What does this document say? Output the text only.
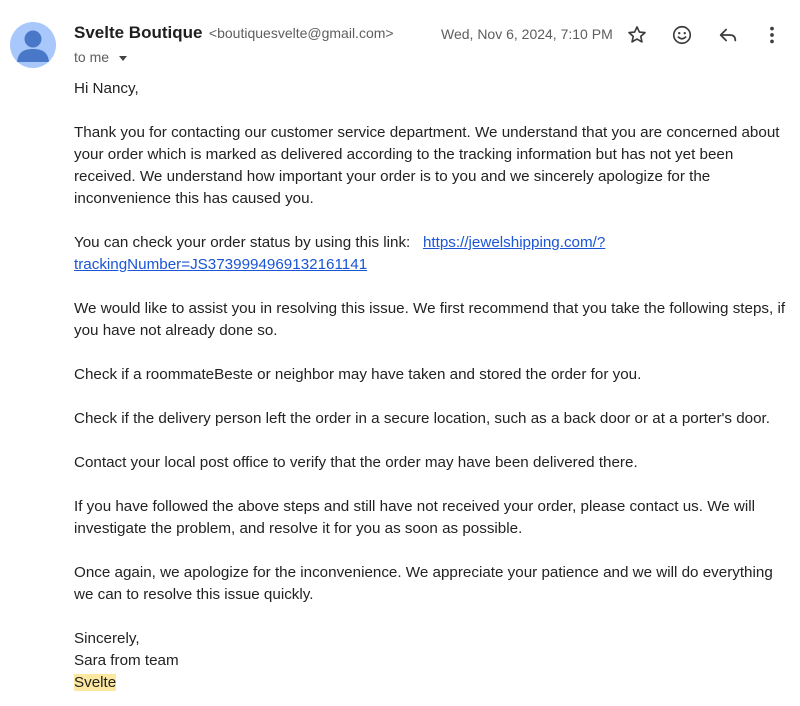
Svelte Boutique <boutiquesvelte@gmail.com>
to me
Wed, Nov 6, 2024, 7:10 PM

Hi Nancy,

Thank you for contacting our customer service department. We understand that you are concerned about your order which is marked as delivered according to the tracking information but has not yet been received. We understand how important your order is to you and we sincerely apologize for the inconvenience this has caused you.

You can check your order status by using this link: https://jewelshipping.com/?trackingNumber=JS3739994969132161141

We would like to assist you in resolving this issue. We first recommend that you take the following steps, if you have not already done so.

Check if a roommateBeste or neighbor may have taken and stored the order for you.

Check if the delivery person left the order in a secure location, such as a back door or at a porter's door.

Contact your local post office to verify that the order may have been delivered there.

If you have followed the above steps and still have not received your order, please contact us. We will investigate the problem, and resolve it for you as soon as possible.

Once again, we apologize for the inconvenience. We appreciate your patience and we will do everything we can to resolve this issue quickly.

Sincerely,

Sara from team

Svelte
